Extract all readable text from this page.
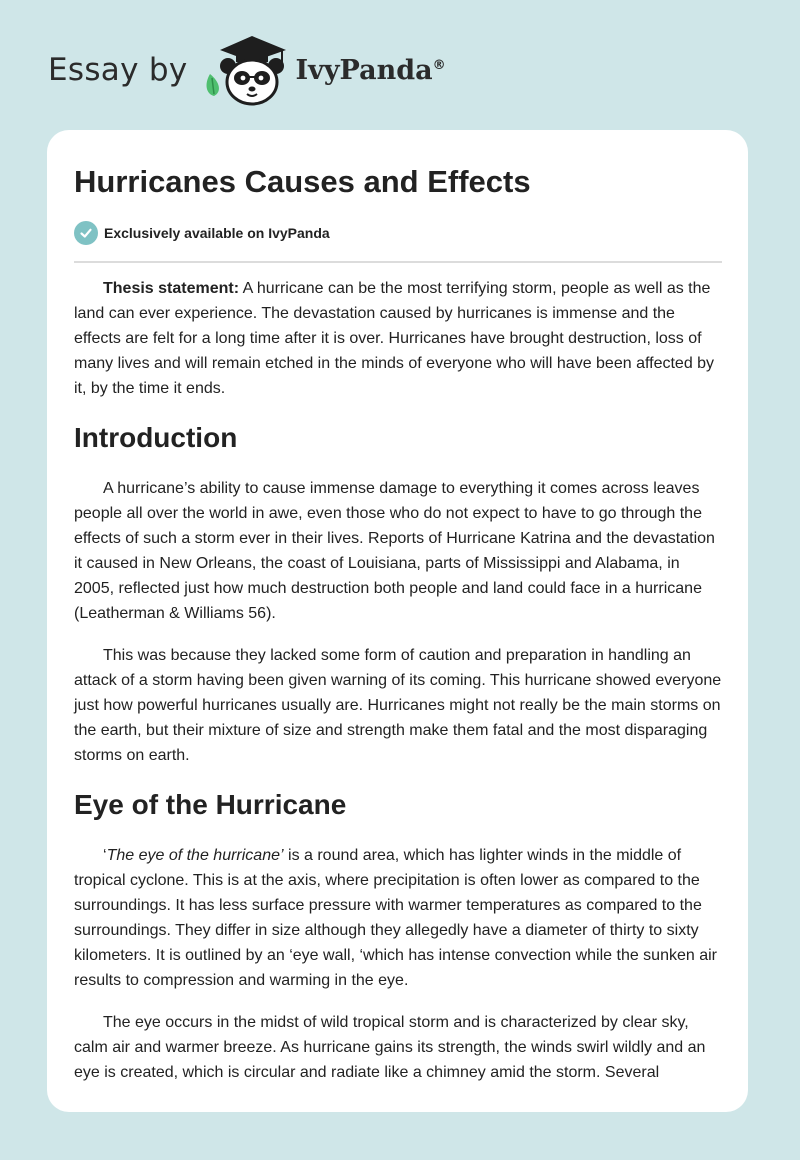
Essay by	IvyPanda®
Hurricanes Causes and Effects
Exclusively available on IvyPanda

Thesis statement: A hurricane can be the most terrifying storm, people as well as the land can ever experience. The devastation caused by hurricanes is immense and the effects are felt for a long time after it is over. Hurricanes have brought destruction, loss of many lives and will remain etched in the minds of everyone who will have been affected by it, by the time it ends.

Introduction

A hurricane’s ability to cause immense damage to everything it comes across leaves people all over the world in awe, even those who do not expect to have to go through the effects of such a storm ever in their lives. Reports of Hurricane Katrina and the devastation it caused in New Orleans, the coast of Louisiana, parts of Mississippi and Alabama, in 2005, reflected just how much destruction both people and land could face in a hurricane (Leatherman & Williams 56).

This was because they lacked some form of caution and preparation in handling an attack of a storm having been given warning of its coming. This hurricane showed everyone just how powerful hurricanes usually are. Hurricanes might not really be the main storms on the earth, but their mixture of size and strength make them fatal and the most disparaging storms on earth.

Eye of the Hurricane

‘The eye of the hurricane’ is a round area, which has lighter winds in the middle of tropical cyclone. This is at the axis, where precipitation is often lower as compared to the surroundings. It has less surface pressure with warmer temperatures as compared to the surroundings. They differ in size although they allegedly have a diameter of thirty to sixty kilometers. It is outlined by an ‘eye wall, ‘which has intense convection while the sunken air results to compression and warming in the eye.

The eye occurs in the midst of wild tropical storm and is characterized by clear sky, calm air and warmer breeze. As hurricane gains its strength, the winds swirl wildly and an eye is created, which is circular and radiate like a chimney amid the storm. Several
